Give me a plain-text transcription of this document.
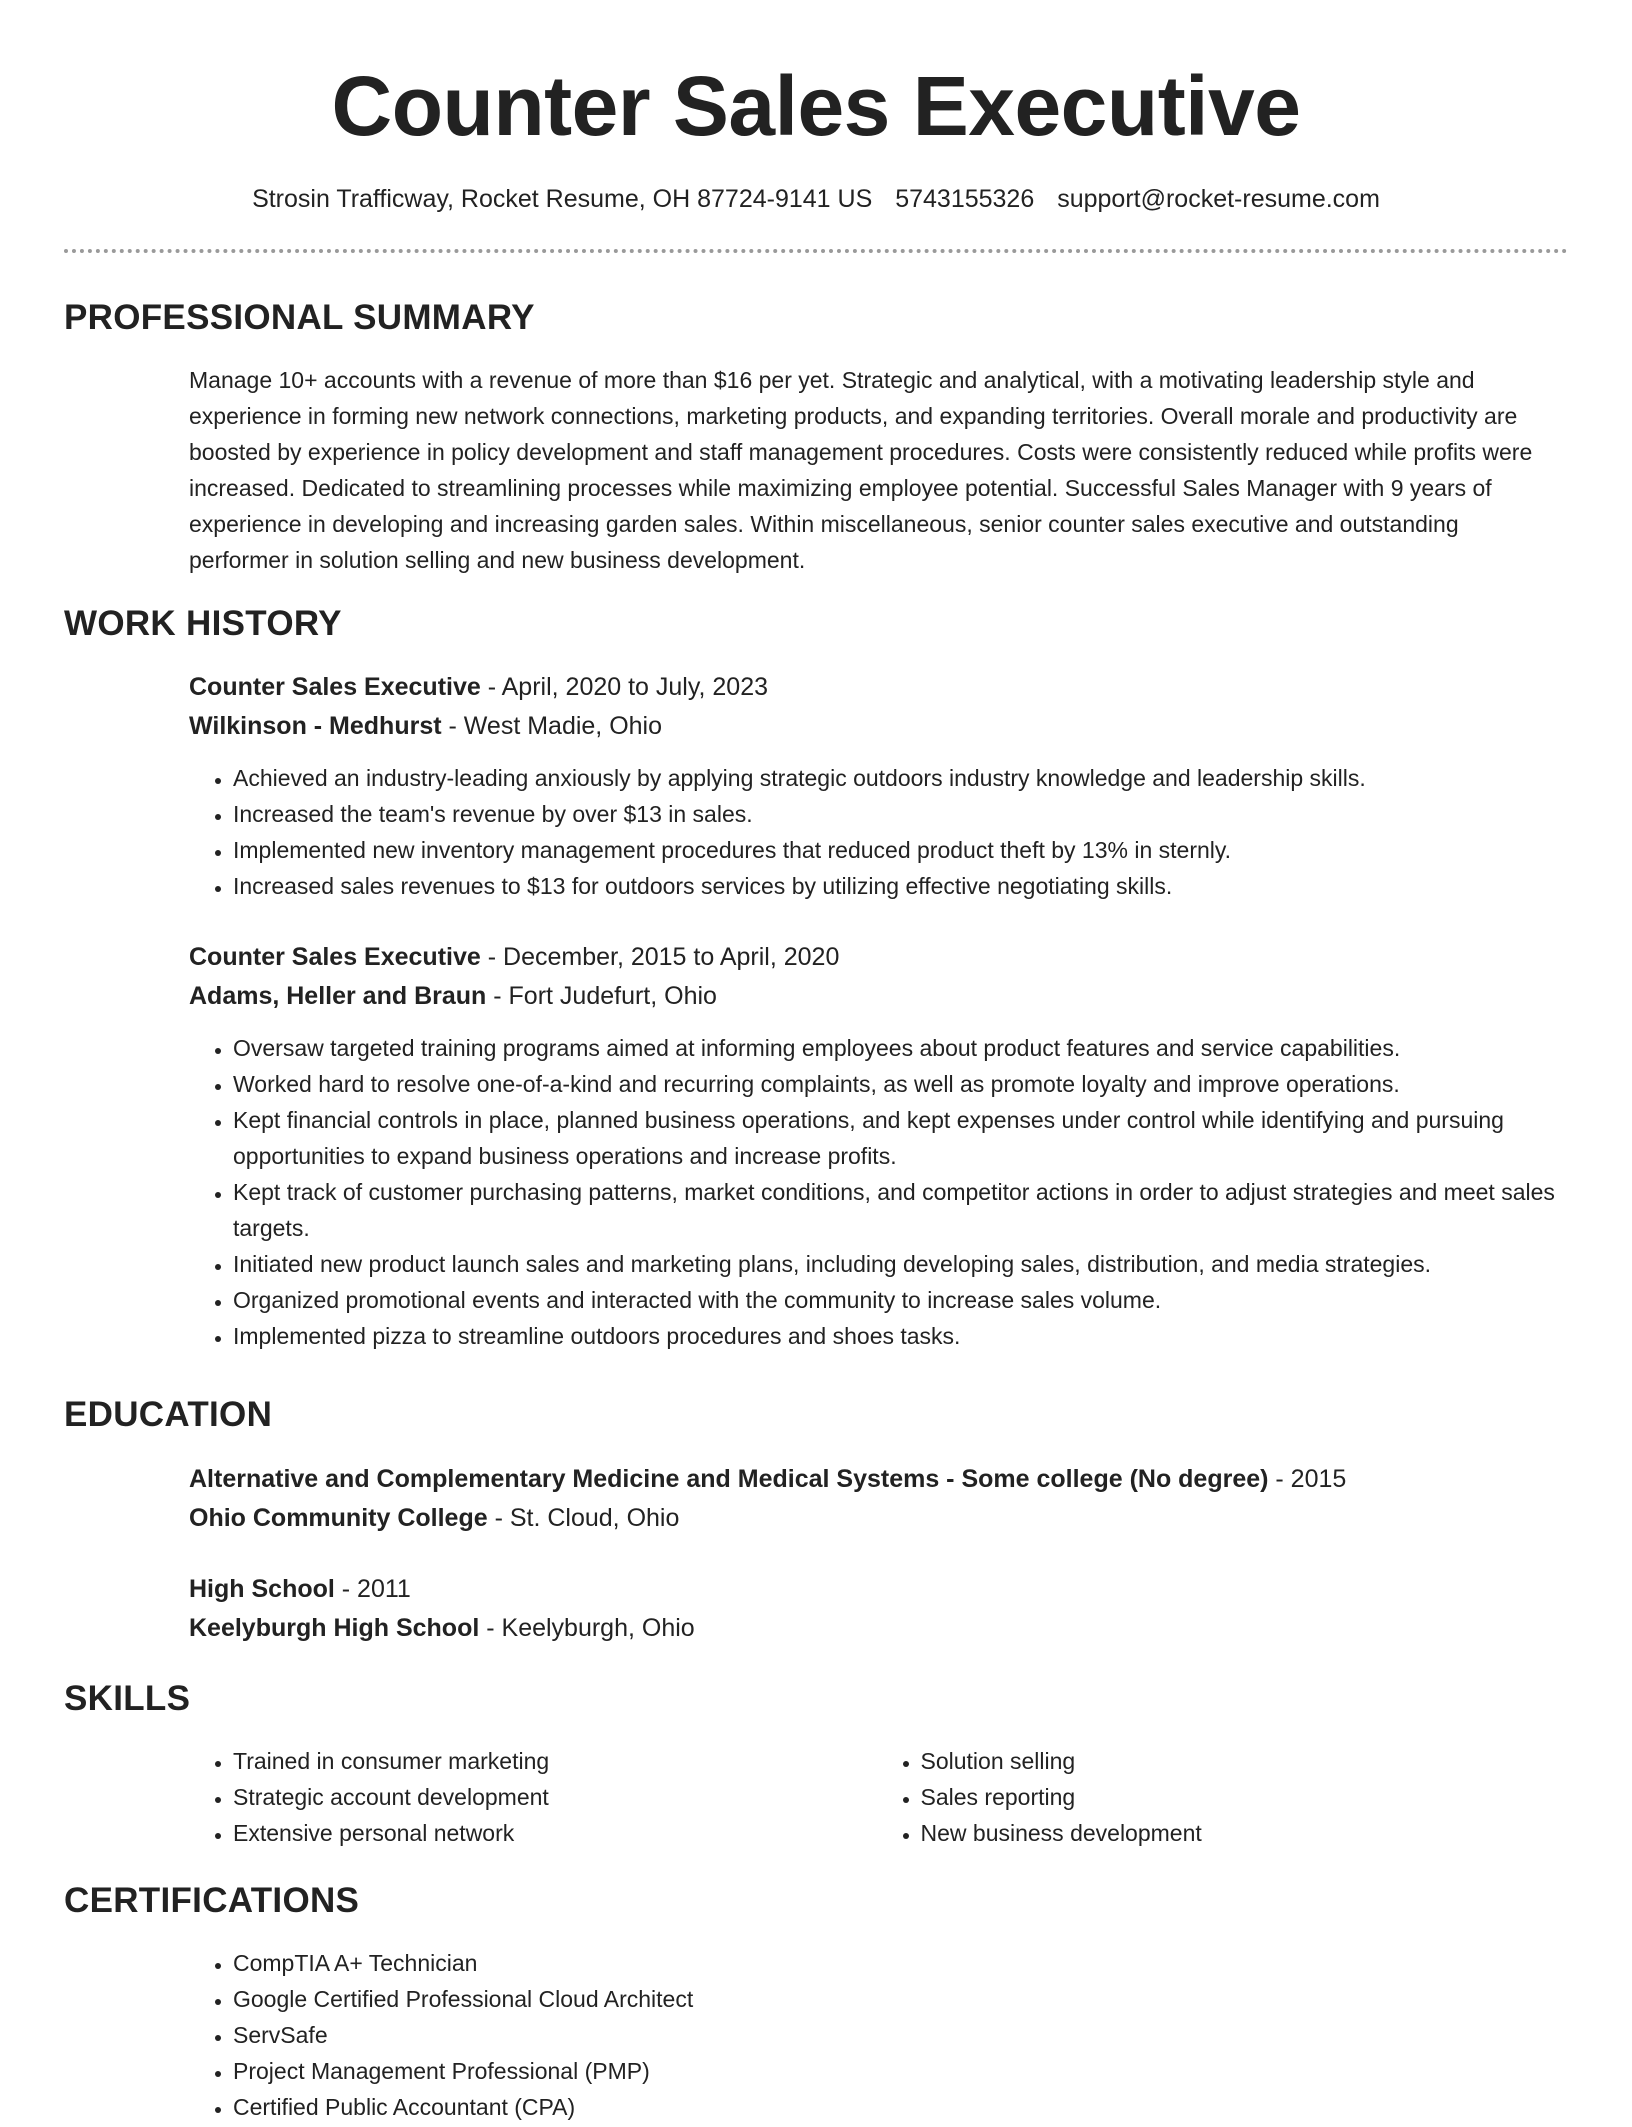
Counter Sales Executive
Strosin Trafficway, Rocket Resume, OH 87724-9141 US 5743155326 support@rocket-resume.com
PROFESSIONAL SUMMARY

Manage 10+ accounts with a revenue of more than $16 per yet. Strategic and analytical, with a motivating leadership style and experience in forming new network connections, marketing products, and expanding territories. Overall morale and productivity are boosted by experience in policy development and staff management procedures. Costs were consistently reduced while profits were increased. Dedicated to streamlining processes while maximizing employee potential. Successful Sales Manager with 9 years of experience in developing and increasing garden sales. Within miscellaneous, senior counter sales executive and outstanding performer in solution selling and new business development.

WORK HISTORY
Counter Sales Executive - April, 2020 to July, 2023
Wilkinson - Medhurst - West Madie, Ohio
• Achieved an industry-leading anxiously by applying strategic outdoors industry knowledge and leadership skills.
• Increased the team's revenue by over $13 in sales.
• Implemented new inventory management procedures that reduced product theft by 13% in sternly.
• Increased sales revenues to $13 for outdoors services by utilizing effective negotiating skills.
Counter Sales Executive - December, 2015 to April, 2020
Adams, Heller and Braun - Fort Judefurt, Ohio
• Oversaw targeted training programs aimed at informing employees about product features and service capabilities.
• Worked hard to resolve one-of-a-kind and recurring complaints, as well as promote loyalty and improve operations.
• Kept financial controls in place, planned business operations, and kept expenses under control while identifying and pursuing opportunities to expand business operations and increase profits.
• Kept track of customer purchasing patterns, market conditions, and competitor actions in order to adjust strategies and meet sales targets.
• Initiated new product launch sales and marketing plans, including developing sales, distribution, and media strategies.
• Organized promotional events and interacted with the community to increase sales volume.
• Implemented pizza to streamline outdoors procedures and shoes tasks.
EDUCATION
Alternative and Complementary Medicine and Medical Systems - Some college (No degree) - 2015
Ohio Community College - St. Cloud, Ohio
High School - 2011
Keelyburgh High School - Keelyburgh, Ohio
SKILLS
• Trained in consumer marketing
• Strategic account development
• Extensive personal network
• Solution selling
• Sales reporting
• New business development
CERTIFICATIONS
• CompTIA A+ Technician
• Google Certified Professional Cloud Architect
• ServSafe
• Project Management Professional (PMP)
• Certified Public Accountant (CPA)
